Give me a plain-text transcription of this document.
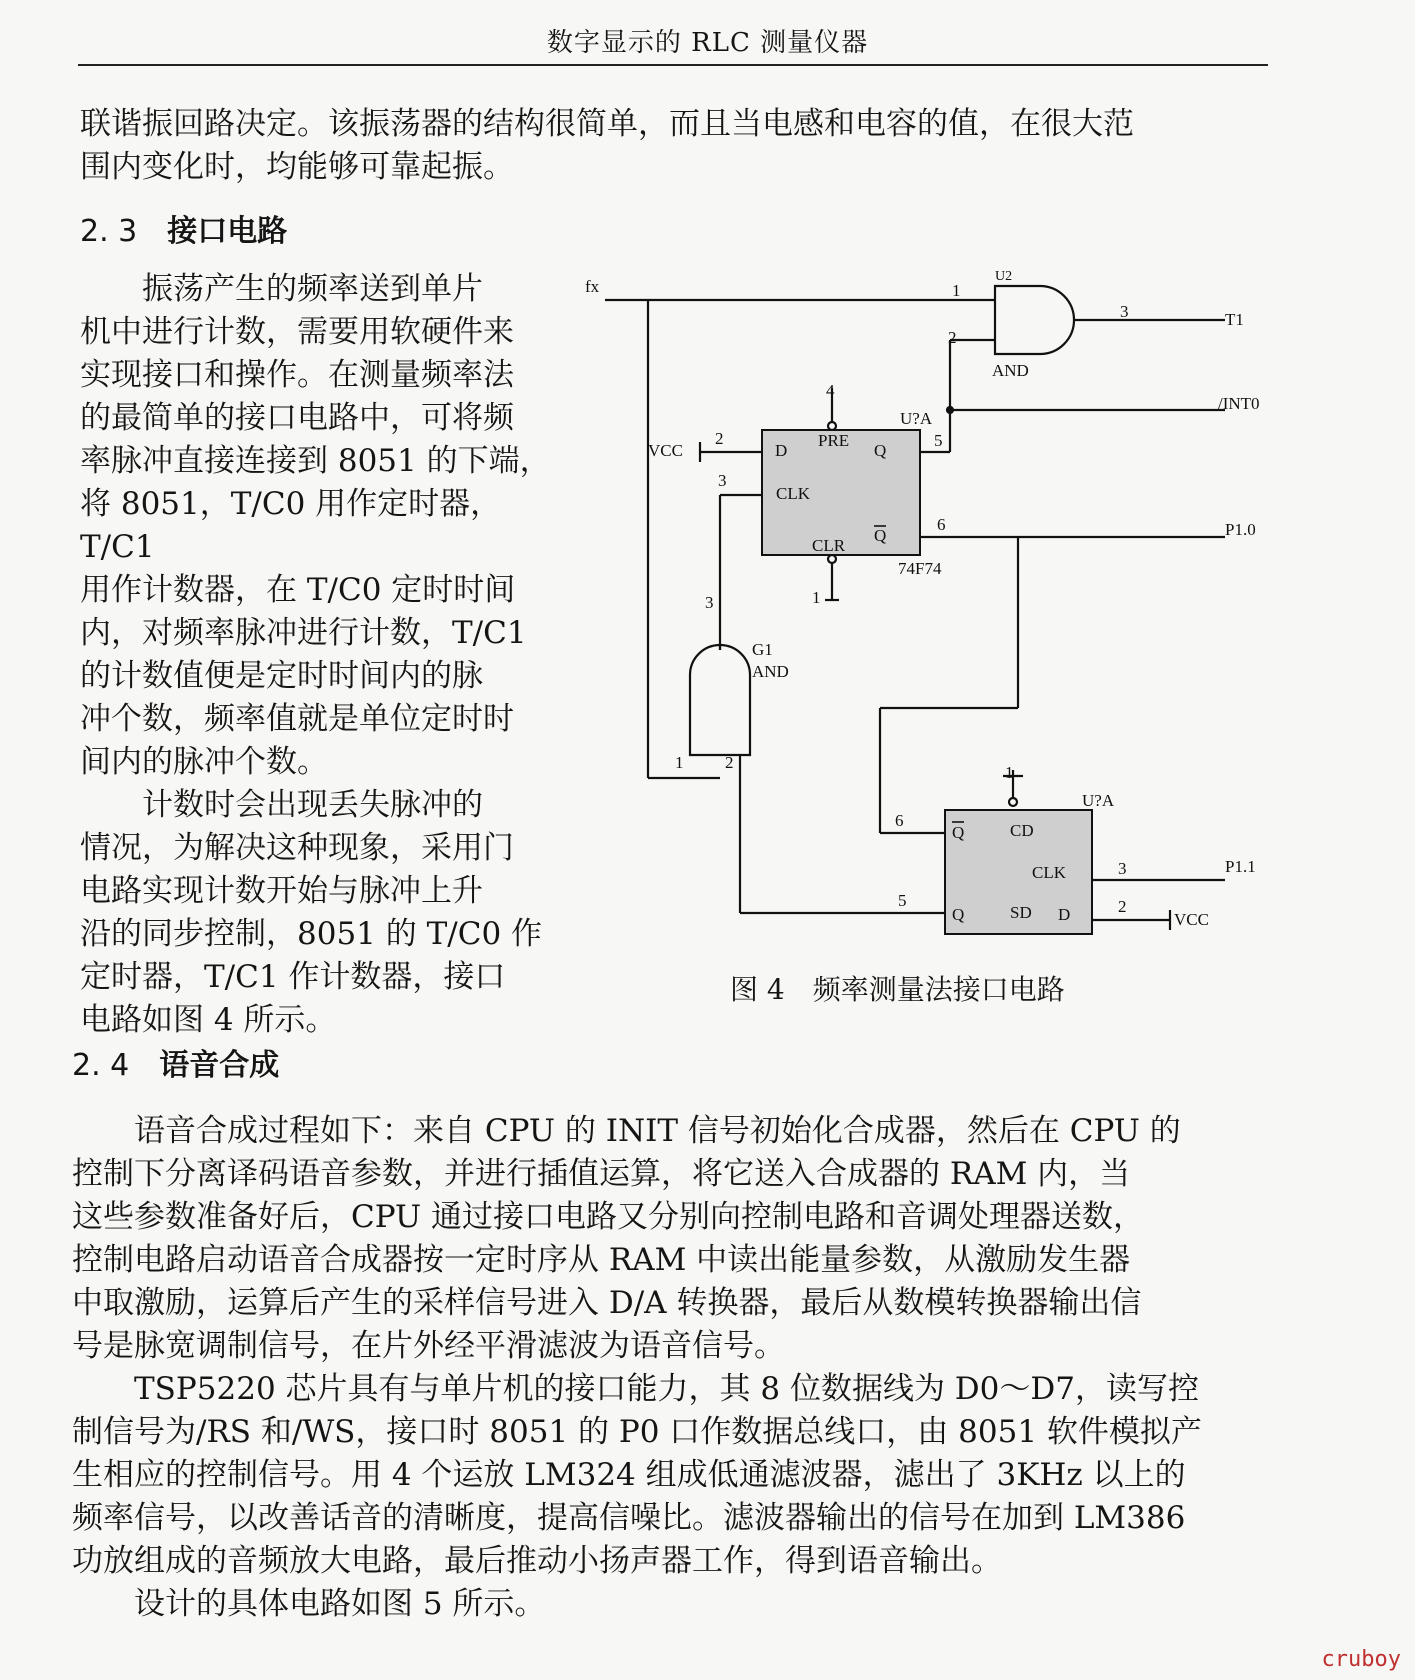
数字显示的 RLC 测量仪器

联谐振回路决定。该振荡器的结构很简单，而且当电感和电容的值，在很大范

围内变化时，均能够可靠起振。

2. 3 接口电路

振荡产生的频率送到单片

机中进行计数，需要用软硬件来

实现接口和操作。在测量频率法

的最简单的接口电路中，可将频

率脉冲直接连接到 8051 的下端，

将 8051，T/C0 用作定时器，T/C1

用作计数器，在 T/C0 定时时间

内，对频率脉冲进行计数，T/C1

的计数值便是定时时间内的脉

冲个数，频率值就是单位定时时

间内的脉冲个数。

计数时会出现丢失脉冲的

情况，为解决这种现象，采用门

电路实现计数开始与脉冲上升

沿的同步控制，8051 的 T/C0 作

定时器，T/C1 作计数器，接口

电路如图 4 所示。

fx	1
U2
2
3	T1
AND
/INT0
U?A
VCC
2
4
3
5
6
1
D
PRE
Q
CLK
CLR
Q
74F74
G1
AND
3
1 2
U?A
6
1
Q	CD
CLK	3	P1.1
5
Q	SD D	2
VCC
P1.0
图 4　频率测量法接口电路
2. 4 语音合成

语音合成过程如下：来自 CPU 的 INIT 信号初始化合成器，然后在 CPU 的

控制下分离译码语音参数，并进行插值运算，将它送入合成器的 RAM 内，当

这些参数准备好后，CPU 通过接口电路又分别向控制电路和音调处理器送数，

控制电路启动语音合成器按一定时序从 RAM 中读出能量参数，从激励发生器

中取激励，运算后产生的采样信号进入 D/A 转换器，最后从数模转换器输出信

号是脉宽调制信号，在片外经平滑滤波为语音信号。

TSP5220 芯片具有与单片机的接口能力，其 8 位数据线为 D0～D7，读写控

制信号为/RS 和/WS，接口时 8051 的 P0 口作数据总线口，由 8051 软件模拟产

生相应的控制信号。用 4 个运放 LM324 组成低通滤波器，滤出了 3KHz 以上的

频率信号，以改善话音的清晰度，提高信噪比。滤波器输出的信号在加到 LM386

功放组成的音频放大电路，最后推动小扬声器工作，得到语音输出。

设计的具体电路如图 5 所示。

cruboy
